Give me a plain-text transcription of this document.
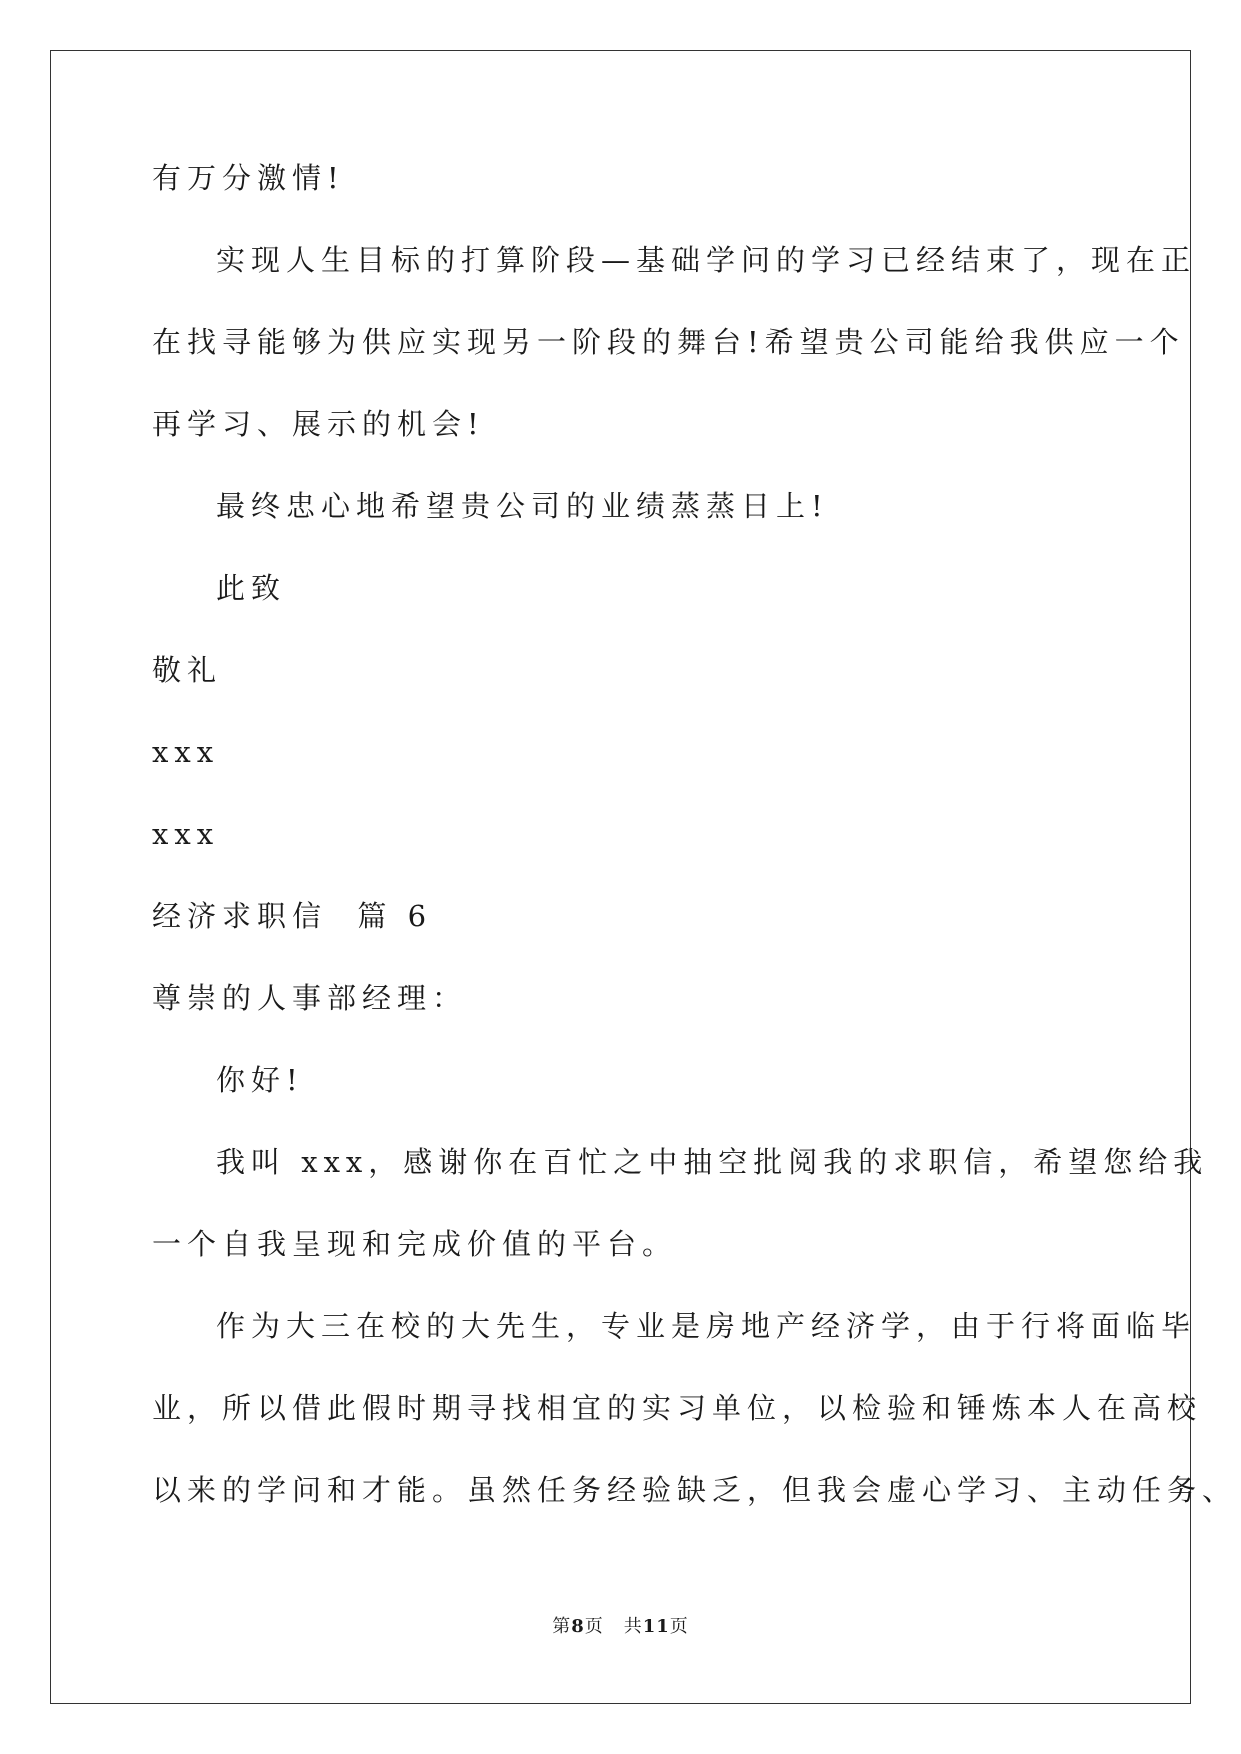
有万分激情!
实现人生目标的打算阶段—基础学问的学习已经结束了，现在正
在找寻能够为供应实现另一阶段的舞台!希望贵公司能给我供应一个
再学习、展示的机会!
最终忠心地希望贵公司的业绩蒸蒸日上!
此致
敬礼
xxx
xxx
经济求职信  篇 6
尊崇的人事部经理：
你好!
我叫 xxx，感谢你在百忙之中抽空批阅我的求职信，希望您给我
一个自我呈现和完成价值的平台。
作为大三在校的大先生，专业是房地产经济学，由于行将面临毕
业，所以借此假时期寻找相宜的实习单位，以检验和锤炼本人在高校
以来的学问和才能。虽然任务经验缺乏，但我会虚心学习、主动任务、
第8页 共11页
